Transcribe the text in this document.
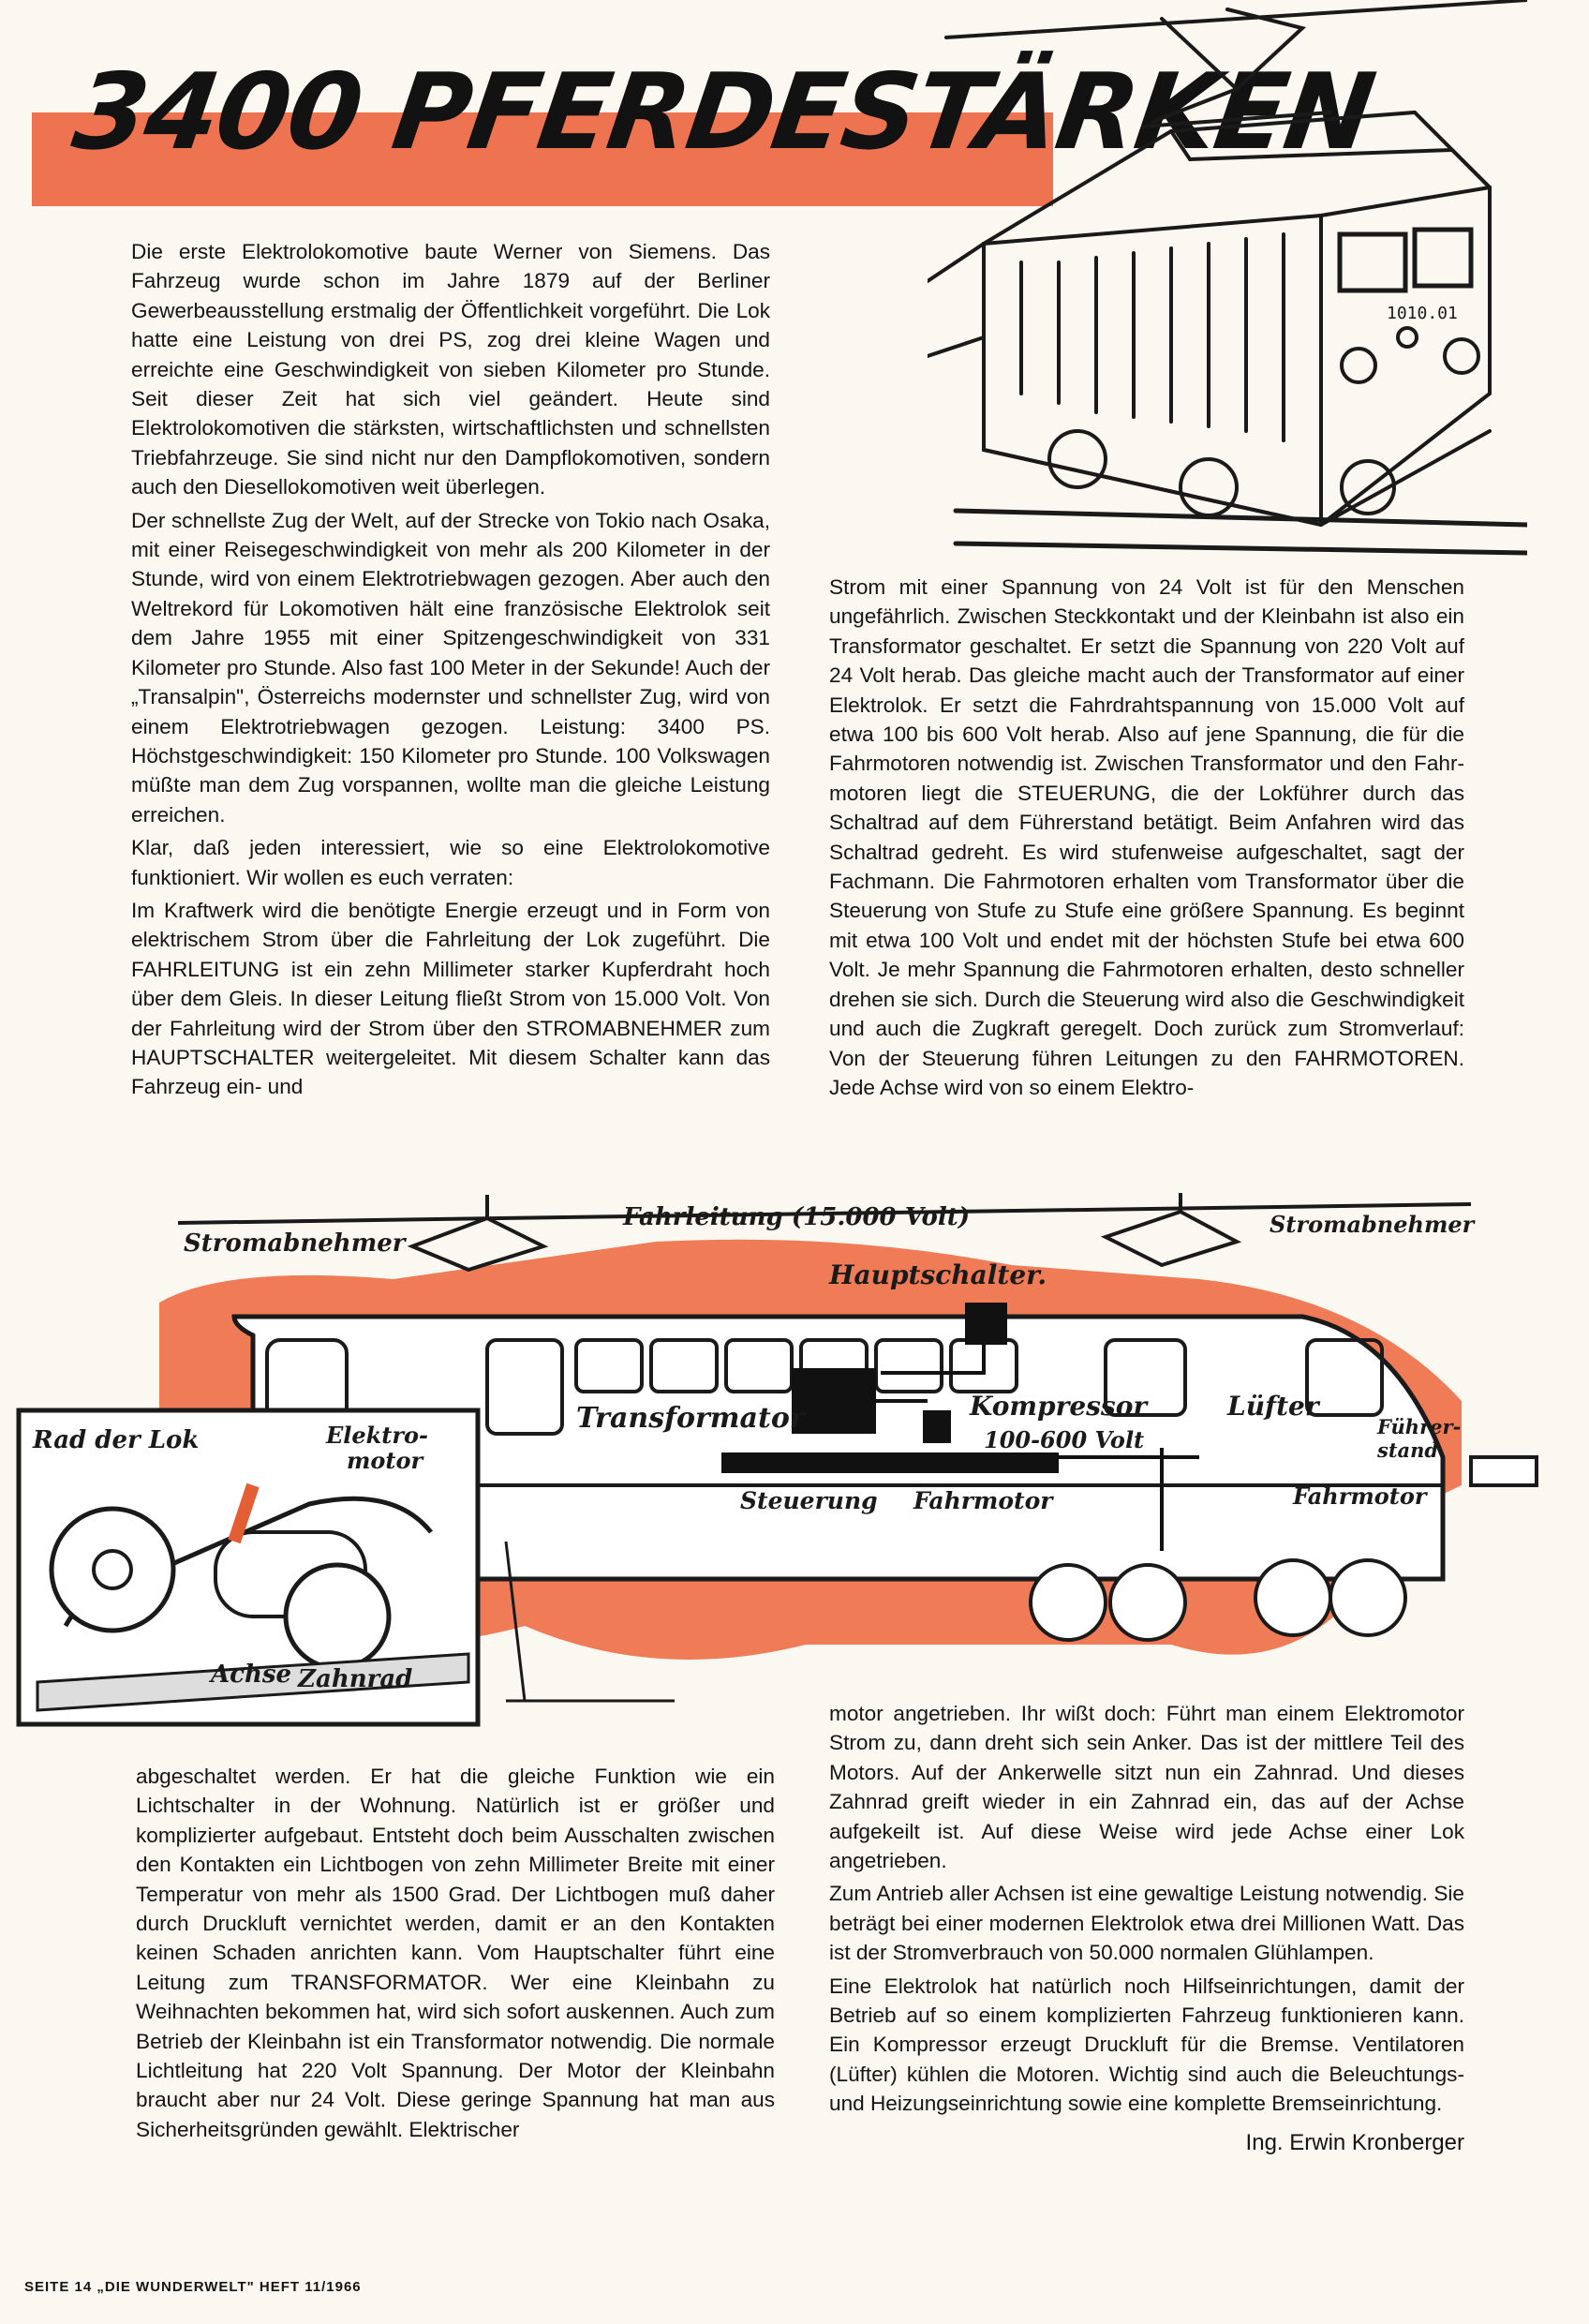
3400 PFERDESTÄRKEN
1010.01

Die erste Elektrolokomotive baute Werner von Siemens. Das Fahrzeug wurde schon im Jahre 1879 auf der Berliner Gewerbeausstellung erstmalig der Öffentlichkeit vorgeführt. Die Lok hatte eine Leistung von drei PS, zog drei kleine Wagen und erreichte eine Geschwindigkeit von sieben Kilometer pro Stunde. Seit dieser Zeit hat sich viel geändert. Heute sind Elektrolokomotiven die stärksten, wirtschaftlichsten und schnellsten Triebfahrzeuge. Sie sind nicht nur den Dampflokomotiven, sondern auch den Diesellokomotiven weit überlegen.

Der schnellste Zug der Welt, auf der Strecke von Tokio nach Osaka, mit einer Reisegeschwindigkeit von mehr als 200 Kilometer in der Stunde, wird von einem Elektrotriebwagen gezogen. Aber auch den Weltrekord für Lokomotiven hält eine französische Elektrolok seit dem Jahre 1955 mit einer Spitzengeschwindigkeit von 331 Kilometer pro Stunde. Also fast 100 Meter in der Sekunde! Auch der „Transalpin", Österreichs modernster und schnellster Zug, wird von einem Elektrotriebwagen gezogen. Leistung: 3400 PS. Höchstgeschwindigkeit: 150 Kilometer pro Stunde. 100 Volkswagen müßte man dem Zug vorspannen, wollte man die gleiche Leistung erreichen.

Klar, daß jeden interessiert, wie so eine Elektrolokomotive funktioniert. Wir wollen es euch verraten:

Im Kraftwerk wird die benötigte Energie erzeugt und in Form von elektrischem Strom über die Fahrleitung der Lok zugeführt. Die FAHRLEITUNG ist ein zehn Millimeter starker Kupferdraht hoch über dem Gleis. In dieser Leitung fließt Strom von 15.000 Volt. Von der Fahrleitung wird der Strom über den STROMABNEHMER zum HAUPTSCHALTER weitergeleitet. Mit diesem Schalter kann das Fahrzeug ein- und

Strom mit einer Spannung von 24 Volt ist für den Menschen ungefährlich. Zwischen Steckkontakt und der Kleinbahn ist also ein Transformator geschaltet. Er setzt die Spannung von 220 Volt auf 24 Volt herab. Das gleiche macht auch der Transformator auf einer Elektrolok. Er setzt die Fahrdrahtspannung von 15.000 Volt auf etwa 100 bis 600 Volt herab. Also auf jene Spannung, die für die Fahrmotoren notwendig ist. Zwischen Transformator und den Fahrmotoren liegt die STEUERUNG, die der Lokführer durch das Schaltrad auf dem Führerstand betätigt. Beim Anfahren wird das Schaltrad gedreht. Es wird stufenweise aufgeschaltet, sagt der Fachmann. Die Fahrmotoren erhalten vom Transformator über die Steuerung von Stufe zu Stufe eine größere Spannung. Es beginnt mit etwa 100 Volt und endet mit der höchsten Stufe bei etwa 600 Volt. Je mehr Spannung die Fahrmotoren erhalten, desto schneller drehen sie sich. Durch die Steuerung wird also die Geschwindigkeit und auch die Zugkraft geregelt. Doch zurück zum Stromverlauf: Von der Steuerung führen Leitungen zu den FAHRMOTOREN. Jede Achse wird von so einem Elektro-

Stromabnehmer
Fahrleitung (15.000 Volt)	Stromabnehmer
Hauptschalter.
Transformator	Kompressor
100-600 Volt
Lüfter
Führer-
stand
Steuerung Fahrmotor	Fahrmotor
Rad der Lok	Elektro-
motor
Achse Zahnrad

abgeschaltet werden. Er hat die gleiche Funktion wie ein Lichtschalter in der Wohnung. Natürlich ist er größer und komplizierter aufgebaut. Entsteht doch beim Ausschalten zwischen den Kontakten ein Lichtbogen von zehn Millimeter Breite mit einer Temperatur von mehr als 1500 Grad. Der Lichtbogen muß daher durch Druckluft vernichtet werden, damit er an den Kontakten keinen Schaden anrichten kann. Vom Hauptschalter führt eine Leitung zum TRANSFORMATOR. Wer eine Kleinbahn zu Weihnachten bekommen hat, wird sich sofort auskennen. Auch zum Betrieb der Kleinbahn ist ein Transformator notwendig. Die normale Lichtleitung hat 220 Volt Spannung. Der Motor der Kleinbahn braucht aber nur 24 Volt. Diese geringe Spannung hat man aus Sicherheitsgründen gewählt. Elektrischer

motor angetrieben. Ihr wißt doch: Führt man einem Elektromotor Strom zu, dann dreht sich sein Anker. Das ist der mittlere Teil des Motors. Auf der Ankerwelle sitzt nun ein Zahnrad. Und dieses Zahnrad greift wieder in ein Zahnrad ein, das auf der Achse aufgekeilt ist. Auf diese Weise wird jede Achse einer Lok angetrieben.

Zum Antrieb aller Achsen ist eine gewaltige Leistung notwendig. Sie beträgt bei einer modernen Elektrolok etwa drei Millionen Watt. Das ist der Stromverbrauch von 50.000 normalen Glühlampen.

Eine Elektrolok hat natürlich noch Hilfseinrichtungen, damit der Betrieb auf so einem komplizierten Fahrzeug funktionieren kann. Ein Kompressor erzeugt Druckluft für die Bremse. Ventilatoren (Lüfter) kühlen die Motoren. Wichtig sind auch die Beleuchtungs- und Heizungseinrichtung sowie eine komplette Bremseinrichtung.

Ing. Erwin Kronberger
SEITE 14 „DIE WUNDERWELT" HEFT 11/1966
